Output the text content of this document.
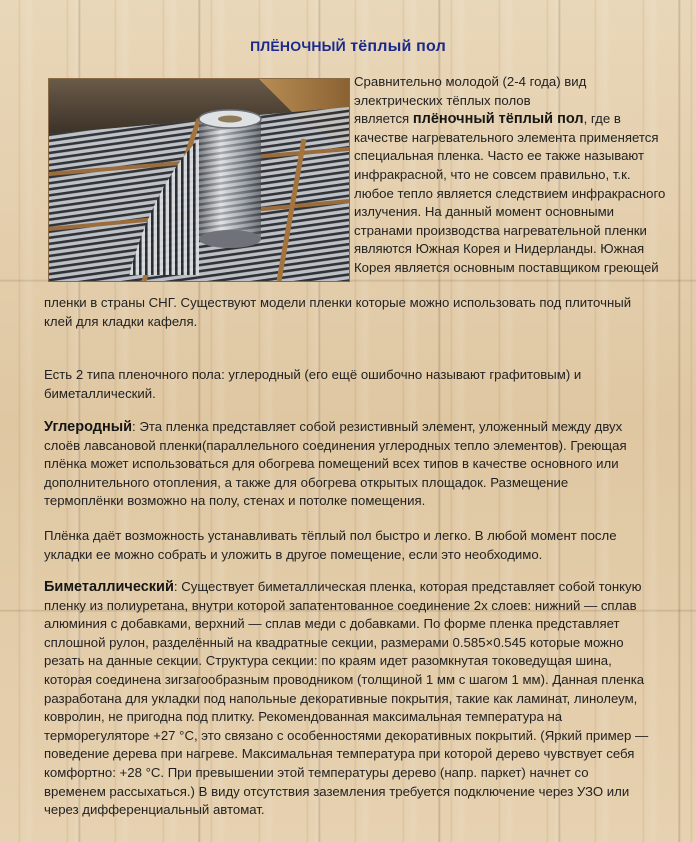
ПЛЁНОЧНЫЙ тёплый пол
Сравнительно молодой (2-4 года) вид
электрических тёплых полов
является плёночный тёплый пол, где в
качестве нагревательного элемента применяется
специальная пленка. Часто ее также называют
инфракрасной, что не совсем правильно, т.к.
любое тепло является следствием инфракрасного
излучения. На данный момент основными
странами производства нагревательной пленки
являются Южная Корея и Нидерланды. Южная
Корея является основным поставщиком греющей
пленки в страны СНГ. Существуют модели пленки которые можно использовать под плиточный
клей для кладки кафеля.
Есть 2 типа пленочного пола: углеродный (его ещё ошибочно называют графитовым) и
биметаллический.
Углеродный: Эта пленка представляет собой резистивный элемент, уложенный между двух
слоёв лавсановой пленки(параллельного соединения углеродных тепло элементов). Греющая
плёнка может использоваться для обогрева помещений всех типов в качестве основного или
дополнительного отопления, а также для обогрева открытых площадок. Размещение
термоплёнки возможно на полу, стенах и потолке помещения.
Плёнка даёт возможность устанавливать тёплый пол быстро и легко. В любой момент после
укладки ее можно собрать и уложить в другое помещение, если это необходимо.
Биметаллический: Существует биметаллическая пленка, которая представляет собой тонкую
пленку из полиуретана, внутри которой запатентованное соединение 2х слоев: нижний — сплав
алюминия с добавками, верхний — сплав меди с добавками. По форме пленка представляет
сплошной рулон, разделённый на квадратные секции, размерами 0.585×0.545 которые можно
резать на данные секции. Структура секции: по краям идет разомкнутая токоведущая шина,
которая соединена зигзагообразным проводником (толщиной 1 мм с шагом 1 мм). Данная пленка
разработана для укладки под напольные декоративные покрытия, такие как ламинат, линолеум,
ковролин, не пригодна под плитку. Рекомендованная максимальная температура на
терморегуляторе +27 °С, это связано с особенностями декоративных покрытий. (Яркий пример —
поведение дерева при нагреве. Максимальная температура при которой дерево чувствует себя
комфортно: +28 °С. При превышении этой температуры дерево (напр. паркет) начнет со
временем рассыхаться.) В виду отсутствия заземления требуется подключение через УЗО или
через дифференциальный автомат.
